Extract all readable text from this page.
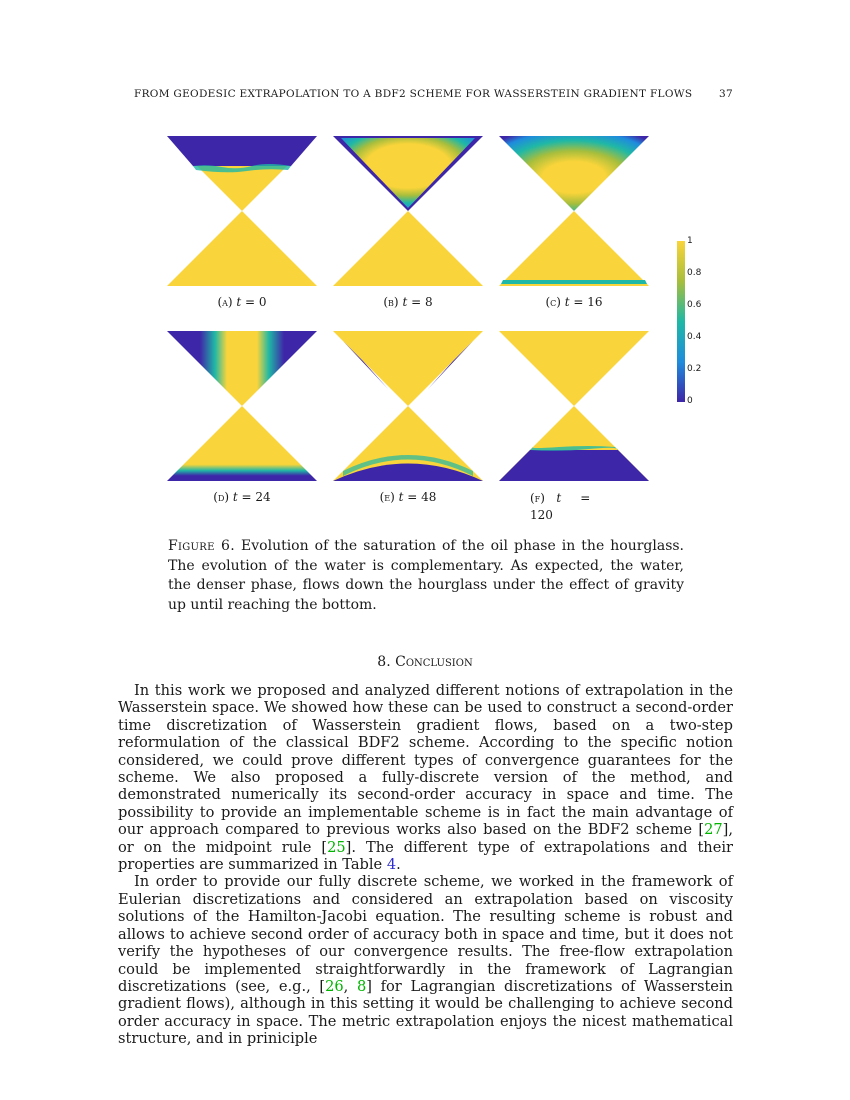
FROM GEODESIC EXTRAPOLATION TO A BDF2 SCHEME FOR WASSERSTEIN GRADIENT FLOWS	37
(a) t = 0	(b) t = 8	(c) t = 16
(d) t = 24	(e) t = 48	(f) t     =
120
1
0.8
0.6
0.4
0.2
0
Figure 6. Evolution of the saturation of the oil phase in the hourglass. The evolution of the water is complementary. As expected, the water, the denser phase, flows down the hourglass under the effect of gravity up until reaching the bottom.
8. Conclusion

In this work we proposed and analyzed different notions of extrapolation in the Wasserstein space. We showed how these can be used to construct a second-order time discretization of Wasserstein gradient flows, based on a two-step reformulation of the classical BDF2 scheme. According to the specific notion considered, we could prove different types of convergence guarantees for the scheme. We also proposed a fully-discrete version of the method, and demonstrated numerically its second-order accuracy in space and time. The possibility to provide an implementable scheme is in fact the main advantage of our approach compared to previous works also based on the BDF2 scheme [27], or on the midpoint rule [25]. The different type of extrapolations and their properties are summarized in Table 4.

In order to provide our fully discrete scheme, we worked in the framework of Eulerian discretizations and considered an extrapolation based on viscosity solutions of the Hamilton-Jacobi equation. The resulting scheme is robust and allows to achieve second order of accuracy both in space and time, but it does not verify the hypotheses of our convergence results. The free-flow extrapolation could be implemented straightforwardly in the framework of Lagrangian discretizations (see, e.g., [26, 8] for Lagrangian discretizations of Wasserstein gradient flows), although in this setting it would be challenging to achieve second order accuracy in space. The metric extrapolation enjoys the nicest mathematical structure, and in priniciple
